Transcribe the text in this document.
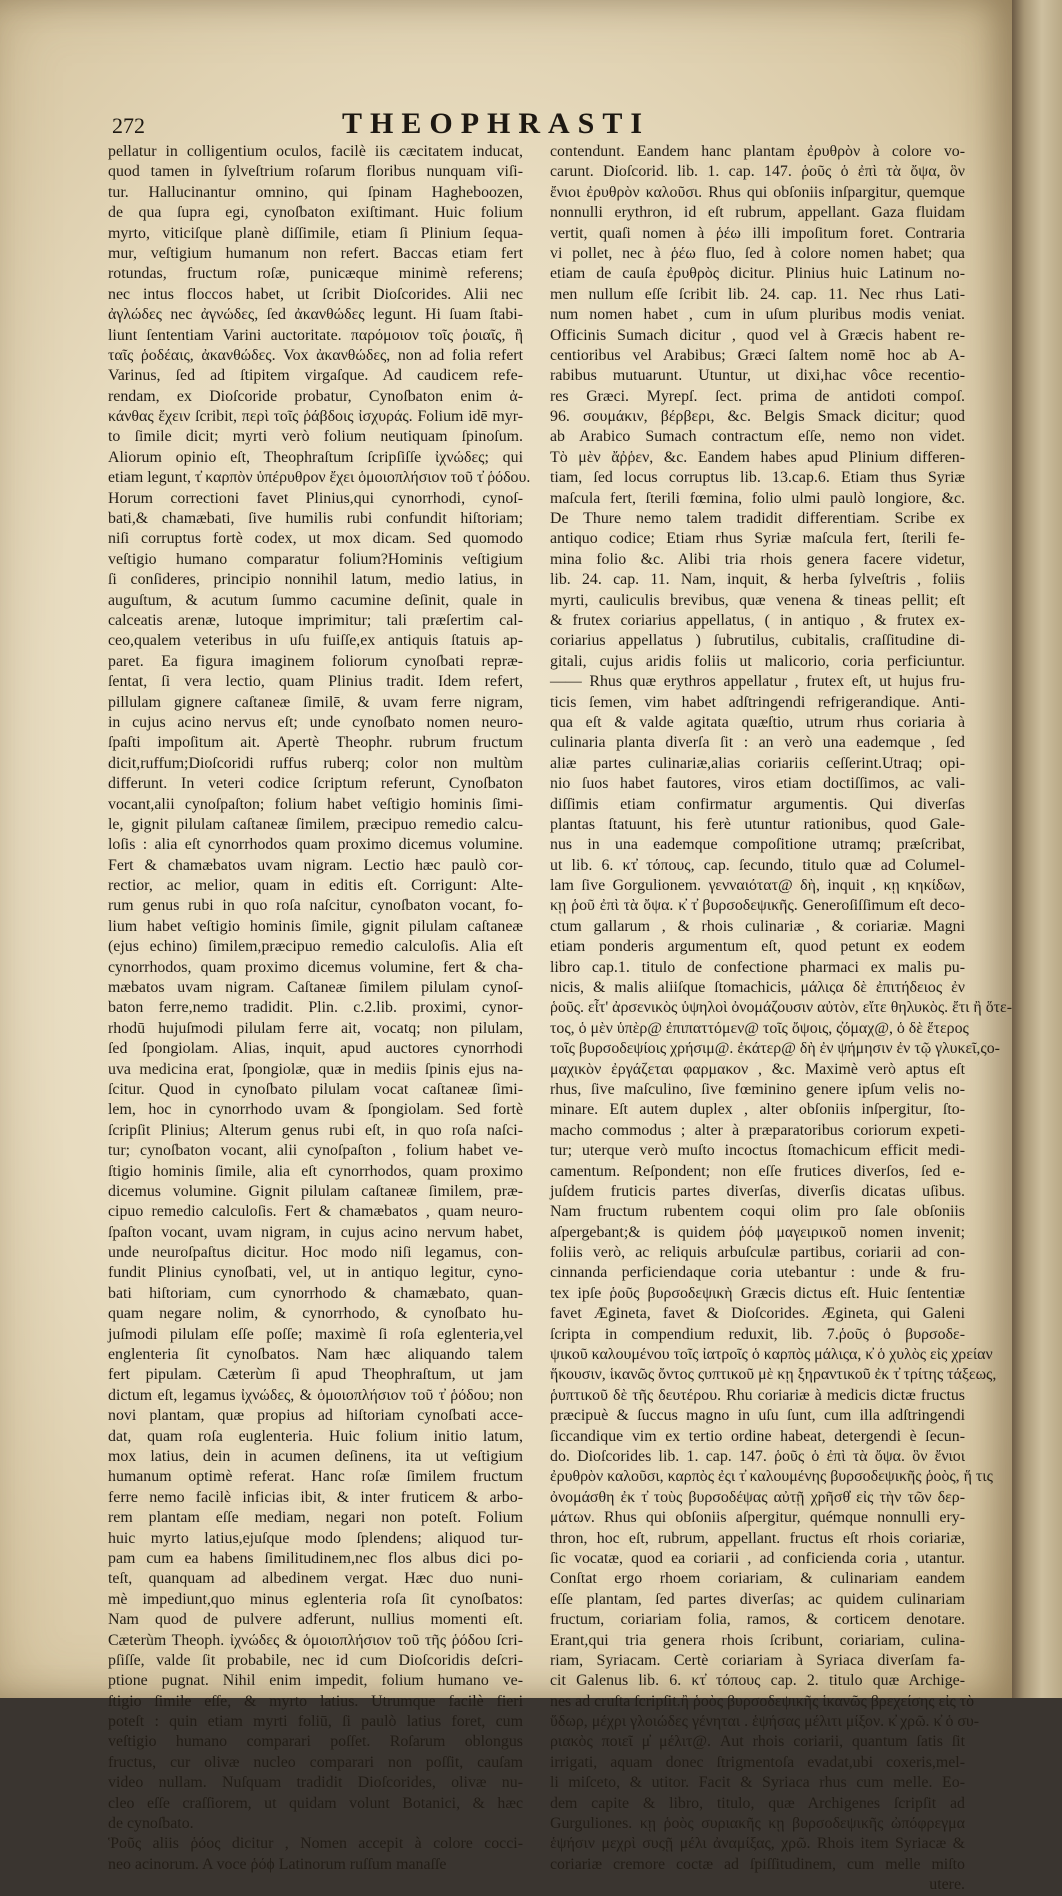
272	THEOPHRASTI
pellatur in colligentium oculos, facilè iis cæcitatem inducat,
quod tamen in ſylveſtrium roſarum floribus nunquam viſi-
tur. Hallucinantur omnino, qui ſpinam Hagheboozen,
de qua ſupra egi, cynoſbaton exiſtimant. Huic folium
myrto, viticiſque planè diſſimile, etiam ſi Plinium ſequa-
mur, veſtigium humanum non refert. Baccas etiam fert
rotundas, fructum roſæ, punicæque minimè referens;
nec intus floccos habet, ut ſcribit Dioſcorides. Alii nec
ἀγλώδες nec ἀγνώδες, ſed ἀκανθώδες legunt. Hi ſuam ſtabi-
liunt ſententiam Varini auctoritate. παρόμοιον τοῖς ῥοιαῖς, ἢ
ταῖς ῥοδέαις, ἀκανθώδες. Vox ἀκανθώδες, non ad folia refert
Varinus, ſed ad ſtipitem virgaſque. Ad caudicem refe-
rendam, ex Dioſcoride probatur, Cynoſbaton enim ἀ-
κάνθας ἔχειν ſcribit, περὶ τοῖς ῥάβδοις ἰσχυράς. Folium idē myr-
to ſimile dicit; myrti verò folium neutiquam ſpinoſum.
Aliorum opinio eſt, Theophraſtum ſcripſiſſe ἰχνώδες; qui
etiam legunt, τ̓ καρπὸν ὑπέρυθρον ἔχει ὁμοιοπλήσιον τοῦ τ̓ ῥόδου.
Horum correctioni favet Plinius,qui cynorrhodi, cynoſ-
bati,& chamæbati, ſive humilis rubi confundit hiſtoriam;
niſi corruptus fortè codex, ut mox dicam. Sed quomodo
veſtigio humano comparatur folium?Hominis veſtigium
ſi conſideres, principio nonnihil latum, medio latius, in
auguſtum, & acutum ſummo cacumine deſinit, quale in
calceatis arenæ, lutoque imprimitur; tali præſertim cal-
ceo,qualem veteribus in uſu fuiſſe,ex antiquis ſtatuis ap-
paret. Ea figura imaginem foliorum cynoſbati repræ-
ſentat, ſi vera lectio, quam Plinius tradit. Idem refert,
pillulam gignere caſtaneæ ſimilē, & uvam ferre nigram,
in cujus acino nervus eſt; unde cynoſbato nomen neuro-
ſpaſti impoſitum ait. Apertè Theophr. rubrum fructum
dicit,ruffum;Dioſcoridi ruffus ruberq; color non multùm
differunt. In veteri codice ſcriptum referunt, Cynoſbaton
vocant,alii cynoſpaſton; folium habet veſtigio hominis ſimi-
le, gignit pilulam caſtaneæ ſimilem, præcipuo remedio calcu-
loſis : alia eſt cynorrhodos quam proximo dicemus volumine.
Fert & chamæbatos uvam nigram. Lectio hæc paulò cor-
rectior, ac melior, quam in editis eſt. Corrigunt: Alte-
rum genus rubi in quo roſa naſcitur, cynoſbaton vocant, fo-
lium habet veſtigio hominis ſimile, gignit pilulam caſtaneæ
(ejus echino) ſimilem,præcipuo remedio calculoſis. Alia eſt
cynorrhodos, quam proximo dicemus volumine, fert & cha-
mæbatos uvam nigram. Caſtaneæ ſimilem pilulam cynoſ-
baton ferre,nemo tradidit. Plin. c.2.lib. proximi, cynor-
rhodū hujuſmodi pilulam ferre ait, vocatq; non pilulam,
ſed ſpongiolam. Alias, inquit, apud auctores cynorrhodi
uva medicina erat, ſpongiolæ, quæ in mediis ſpinis ejus na-
ſcitur. Quod in cynoſbato pilulam vocat caſtaneæ ſimi-
lem, hoc in cynorrhodo uvam & ſpongiolam. Sed fortè
ſcripſit Plinius; Alterum genus rubi eſt, in quo roſa naſci-
tur; cynoſbaton vocant, alii cynoſpaſton , folium habet ve-
ſtigio hominis ſimile, alia eſt cynorrhodos, quam proximo
dicemus volumine. Gignit pilulam caſtaneæ ſimilem, præ-
cipuo remedio calculoſis. Fert & chamæbatos , quam neuro-
ſpaſton vocant, uvam nigram, in cujus acino nervum habet,
unde neuroſpaſtus dicitur. Hoc modo niſi legamus, con-
fundit Plinius cynoſbati, vel, ut in antiquo legitur, cyno-
bati hiſtoriam, cum cynorrhodo & chamæbato, quan-
quam negare nolim, & cynorrhodo, & cynoſbato hu-
juſmodi pilulam eſſe poſſe; maximè ſi roſa eglenteria,vel
englenteria ſit cynoſbatos. Nam hæc aliquando talem
fert pipulam. Cæterùm ſi apud Theophraſtum, ut jam
dictum eſt, legamus ἰχνώδες, & ὁμοιοπλήσιον τοῦ τ̓ ῥόδου; non
novi plantam, quæ propius ad hiſtoriam cynoſbati acce-
dat, quam roſa euglenteria. Huic folium initio latum,
mox latius, dein in acumen deſinens, ita ut veſtigium
humanum optimè referat. Hanc roſæ ſimilem fructum
ferre nemo facilè inficias ibit, & inter fruticem & arbo-
rem plantam eſſe mediam, negari non poteſt. Folium
huic myrto latius,ejuſque modo ſplendens; aliquod tur-
pam cum ea habens ſimilitudinem,nec flos albus dici po-
teſt, quanquam ad albedinem vergat. Hæc duo nuni-
mè impediunt,quo minus eglenteria roſa ſit cynoſbatos:
Nam quod de pulvere adferunt, nullius momenti eſt.
Cæterùm Theoph. ἰχνώδες & ὁμοιοπλήσιον τοῦ τῆς ῥόδου ſcri-
pſiſſe, valde ſit probabile, nec id cum Dioſcoridis deſcri-
ptione pugnat. Nihil enim impedit, folium humano ve-
ſtigio ſimile eſſe, & myrto latius. Utrumque facilè fieri
poteſt : quin etiam myrti foliū, ſi paulò latius foret, cum
veſtigio humano comparari poſſet. Roſarum oblongus
fructus, cur olivæ nucleo comparari non poſſit, cauſam
video nullam. Nuſquam tradidit Dioſcorides, olivæ nu-
cleo eſſe craſſiorem, ut quidam volunt Botanici, & hæc
de cynoſbato.
Ῥοῦς aliis ῥόος dicitur , Nomen accepit à colore cocci-
neo acinorum. A voce ῥόϕ Latinorum ruſſum manaſſe
contendunt. Eandem hanc plantam ἐρυθρὸν à colore vo-
carunt. Dioſcorid. lib. 1. cap. 147. ῥοῦς ὁ ἐπὶ τὰ ὄψα, ὃν
ἔνιοι ἐρυθρὸν καλοῦσι. Rhus qui obſoniis inſpargitur, quemque
nonnulli erythron, id eſt rubrum, appellant. Gaza fluidam
vertit, quaſi nomen à ῥέω illi impoſitum foret. Contraria
vi pollet, nec à ῥέω fluo, ſed à colore nomen habet; qua
etiam de cauſa ἐρυθρὸς dicitur. Plinius huic Latinum no-
men nullum eſſe ſcribit lib. 24. cap. 11. Nec rhus Lati-
num nomen habet , cum in uſum pluribus modis veniat.
Officinis Sumach dicitur , quod vel à Græcis habent re-
centioribus vel Arabibus; Græci ſaltem nomē hoc ab A-
rabibus mutuarunt. Utuntur, ut dixi,hac vôce recentio-
res Græci. Myrepſ. ſect. prima de antidoti compoſ.
96. σουμάκιν, βέρβερι, &c. Belgis Smack dicitur; quod
ab Arabico Sumach contractum eſſe, nemo non videt.
Τὸ μὲν ἄῤῥεν, &c. Eandem habes apud Plinium differen-
tiam, ſed locus corruptus lib. 13.cap.6. Etiam thus Syriæ
maſcula fert, ſterili fœmina, folio ulmi paulò longiore, &c.
De Thure nemo talem tradidit differentiam. Scribe ex
antiquo codice; Etiam rhus Syriæ maſcula fert, ſterili fe-
mina folio &c. Alibi tria rhois genera facere videtur,
lib. 24. cap. 11. Nam, inquit, & herba ſylveſtris , foliis
myrti, cauliculis brevibus, quæ venena & tineas pellit; eſt
& frutex coriarius appellatus, ( in antiquo , & frutex ex-
coriarius appellatus ) ſubrutilus, cubitalis, craſſitudine di-
gitali, cujus aridis foliis ut malicorio, coria perficiuntur.
—— Rhus quæ erythros appellatur , frutex eſt, ut hujus fru-
ticis ſemen, vim habet adſtringendi refrigerandique. Anti-
qua eſt & valde agitata quæſtio, utrum rhus coriaria à
culinaria planta diverſa ſit : an verò una eademque , ſed
aliæ partes culinariæ,alias coriariis ceſſerint.Utraq; opi-
nio ſuos habet fautores, viros etiam doctiſſimos, ac vali-
diſſimis etiam confirmatur argumentis. Qui diverſas
plantas ſtatuunt, his ferè utuntur rationibus, quod Gale-
nus in una eademque compoſitione utramq; præſcribat,
ut lib. 6. κτ̓ τόπους, cap. ſecundo, titulo quæ ad Columel-
lam ſive Gorgulionem. γενναιότατ@ δὴ, inquit , κῃ κηκίδων,
κῃ ῥοῦ ἐπὶ τὰ ὄψα. κ̓ τ̓ βυρσοδεψικῆς. Generoſiſſimum eſt deco-
ctum gallarum , & rhois culinariæ , & coriariæ. Magni
etiam ponderis argumentum eſt, quod petunt ex eodem
libro cap.1. titulo de confectione pharmaci ex malis pu-
nicis, & malis aliiſque ſtomachicis, μάλιςα δὲ ἐπιτήδειος ἐν
ῥοῦς. εἶτ' ἀρσενικὸς ὑψηλοὶ ὀνομάζουσιν αὐτὸν, εἴτε θηλυκὸς. ἔτι ἢ ὅτε-
τος, ὁ μὲν ὑπὲρ@ ἐπιπαττόμεν@ τοῖς ὄψοις, ς̓όμαχ@, ὁ δὲ ἕτερος
τοῖς βυρσοδεψίοις χρήσιμ@. ἐκάτερ@ δὴ ἐν ψήμησιν ἐν τῷ γλυκεῖ,ςο-
μαχικὸν ἐργάζεται φαρμακον , &c. Maximè verò aptus eſt
rhus, ſive maſculino, ſive fœminino genere ipſum velis no-
minare. Eſt autem duplex , alter obſoniis inſpergitur, ſto-
macho commodus ; alter à præparatoribus coriorum expeti-
tur; uterque verò muſto incoctus ſtomachicum efficit medi-
camentum. Reſpondent; non eſſe frutices diverſos, ſed e-
juſdem fruticis partes diverſas, diverſis dicatas uſibus.
Nam fructum rubentem coqui olim pro ſale obſoniis
aſpergebant;& is quidem ῥόϕ μαγειρικοῦ nomen invenit;
foliis verò, ac reliquis arbuſculæ partibus, coriarii ad con-
cinnanda perficiendaque coria utebantur : unde & fru-
tex ipſe ῥοῦς βυρσοδεψικὴ Græcis dictus eſt. Huic ſententiæ
favet Ægineta, favet & Dioſcorides. Ægineta, qui Galeni
ſcripta in compendium reduxit, lib. 7.ῥοῦς ὁ βυρσοδε-
ψικοῦ καλουμένου τοῖς ἰατροῖς ὁ καρπὸς μάλιςα, κ̓ ὁ χυλὸς εἰς χρείαν
ἥκουσιν, ἱκανῶς ὄντος ςυπτικοῦ μὲ κῃ ξηραντικοῦ ἐκ τ̓ τρίτης τάξεως,
ῥυπτικοῦ δὲ τῆς δευτέρου. Rhu coriariæ à medicis dictæ fructus
præcipuè & ſuccus magno in uſu ſunt, cum illa adſtringendi
ſiccandique vim ex tertio ordine habeat, detergendi è ſecun-
do. Dioſcorides lib. 1. cap. 147. ῥοῦς ὁ ἐπὶ τὰ ὄψα. ὃν ἔνιοι
ἐρυθρὸν καλοῦσι, καρπὸς ἐςι τ̓ καλουμένης βυρσοδεψικῆς ῥοὸς, ἥ τις
ὀνομάσθη ἐκ τ̓ τοὺς βυρσοδέψας αὐτῇ χρῆσθ̓ εἰς τὴν τῶν δερ-
μάτων. Rhus qui obſoniis aſpergitur, quémque nonnulli ery-
thron, hoc eſt, rubrum, appellant. fructus eſt rhois coriariæ,
ſic vocatæ, quod ea coriarii , ad conficienda coria , utantur.
Conſtat ergo rhoem coriariam, & culinariam eandem
eſſe plantam, ſed partes diverſas; ac quidem culinariam
fructum, coriariam folia, ramos, & corticem denotare.
Erant,qui tria genera rhois ſcribunt, coriariam, culina-
riam, Syriacam. Certè coriariam à Syriaca diverſam fa-
cit Galenus lib. 6. κτ̓ τόπους cap. 2. titulo quæ Archige-
nes ad cruſta ſcripſit.ἢ ῥοὸς βυρσοδεψικῆς ἱκανῶς βρεχείσης εἰς τὸ
ὕδωρ, μέχρι γλοιώδες γένηται . ἑψήσας μέλιτι μίξον. κ̓ χρῶ. κ̓ ὁ συ-
ριακὸς ποιεῖ μ̓ μέλιτ@. Aut rhois coriarii, quantum ſatis ſit
irrigati, aquam donec ſtrigmentoſa evadat,ubi coxeris,mel-
li miſceto, & utitor. Facit & Syriaca rhus cum melle. Eo-
dem capite & libro, titulo, quæ Archigenes ſcripſit ad
Gurguliones. κῃ ῥοὸς συριακῆς κῃ βυρσοδεψικῆς ὠπόφρεγμα
ἑψήσιν μεχρὶ συςῇ μέλι ἀναμίξας, χρῶ. Rhois item Syriacæ &
coriariæ cremore coctæ ad ſpiſſitudinem, cum melle miſto
utere.
